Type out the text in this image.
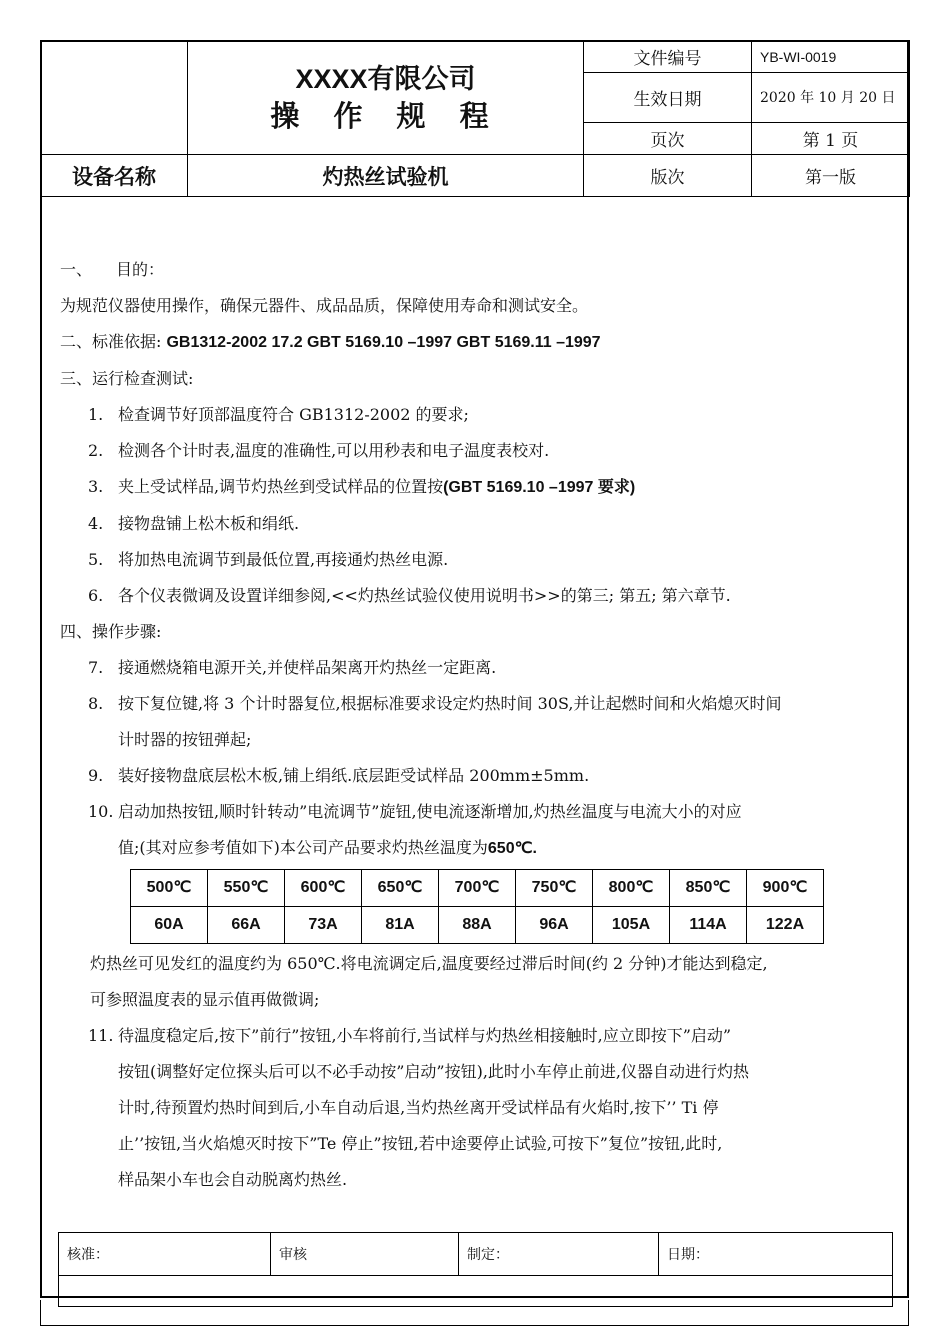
	XXXX有限公司
操 作 规 程	文件编号	YB-WI-0019
		生效日期	2020 年 10 月 20 日
		页次	第 1 页
设备名称	灼热丝试验机	版次	第一版

一、　　目的：

为规范仪器使用操作，确保元器件、成品品质，保障使用寿命和测试安全。

二、标准依据: GB1312-2002 17.2 GBT 5169.10 –1997 GBT 5169.11 –1997

三、运行检查测试:

1. 检查调节好顶部温度符合 GB1312-2002 的要求;

2. 检测各个计时表,温度的准确性,可以用秒表和电子温度表校对.

3. 夹上受试样品,调节灼热丝到受试样品的位置按(GBT 5169.10 –1997 要求)

4. 接物盘铺上松木板和绢纸.

5. 将加热电流调节到最低位置,再接通灼热丝电源.

6. 各个仪表微调及设置详细参阅,<<灼热丝试验仪使用说明书>>的第三; 第五; 第六章节.

四、操作步骤:

7. 接通燃烧箱电源开关,并使样品架离开灼热丝一定距离.

8. 按下复位键,将 3 个计时器复位,根据标准要求设定灼热时间 30S,并让起燃时间和火焰熄灭时间

计时器的按钮弹起;

9. 装好接物盘底层松木板,铺上绢纸.底层距受试样品 200mm±5mm.

10. 启动加热按钮,顺时针转动”电流调节”旋钮,使电流逐渐增加,灼热丝温度与电流大小的对应

值;(其对应参考值如下)本公司产品要求灼热丝温度为650℃.

500℃	550℃	600℃	650℃	700℃	750℃	800℃	850℃	900℃
60A	66A	73A	81A	88A	96A	105A	114A	122A

灼热丝可见发红的温度约为 650℃.将电流调定后,温度要经过滞后时间(约 2 分钟)才能达到稳定,

可参照温度表的显示值再做微调;

11. 待温度稳定后,按下”前行”按钮,小车将前行,当试样与灼热丝相接触时,应立即按下”启动”

按钮(调整好定位探头后可以不必手动按”启动”按钮),此时小车停止前进,仪器自动进行灼热

计时,待预置灼热时间到后,小车自动后退,当灼热丝离开受试样品有火焰时,按下’’ Ti 停

止’’按钮,当火焰熄灭时按下”Te 停止”按钮,若中途要停止试验,可按下”复位”按钮,此时,

样品架小车也会自动脱离灼热丝.

核准：	审核	制定：	日期：
